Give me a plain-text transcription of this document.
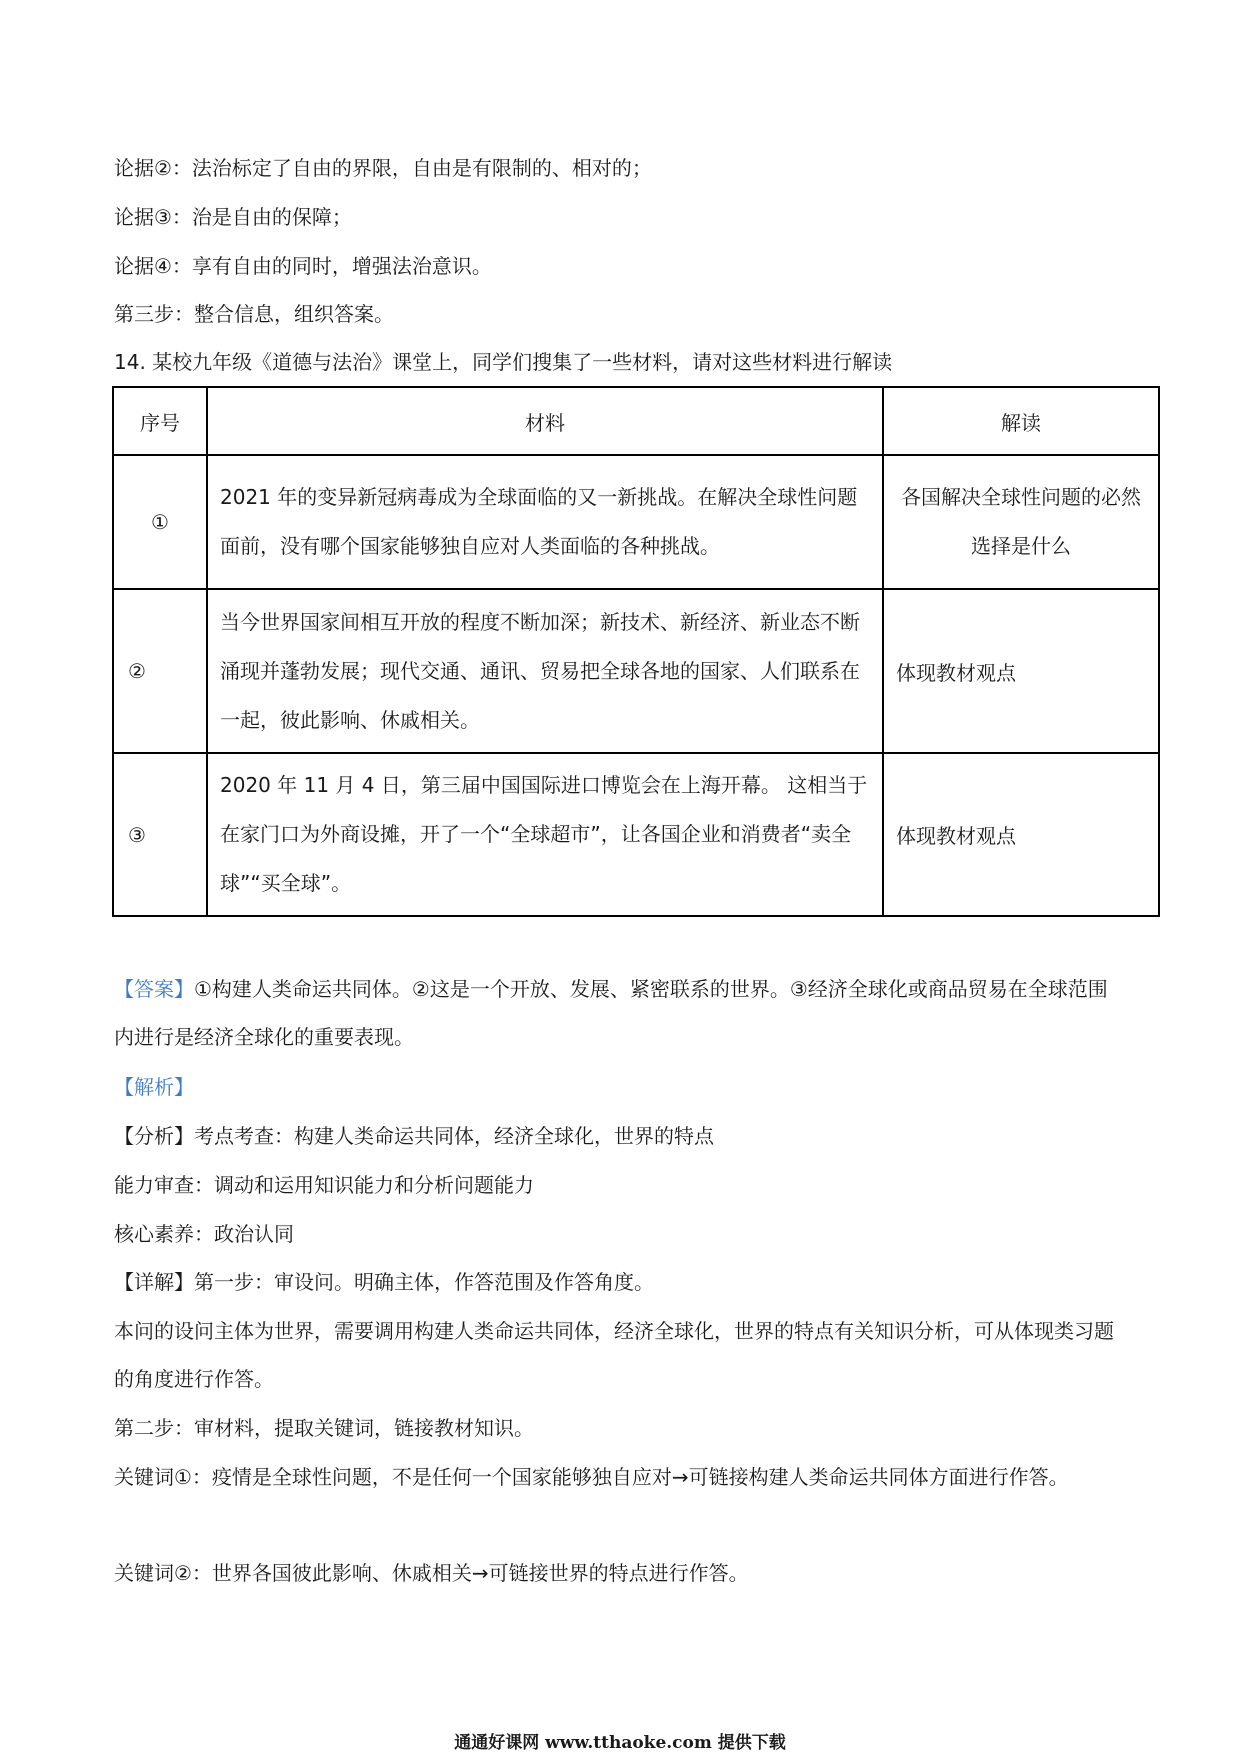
论据②：法治标定了自由的界限，自由是有限制的、相对的；
论据③：治是自由的保障；
论据④：享有自由的同时，增强法治意识。
第三步：整合信息，组织答案。
14. 某校九年级《道德与法治》课堂上，同学们搜集了一些材料，请对这些材料进行解读
序号	材料	解读
①	2021 年的变异新冠病毒成为全球面临的又一新挑战。在解决全球性问题面前，没有哪个国家能够独自应对人类面临的各种挑战。	各国解决全球性问题的必然选择是什么
②	当今世界国家间相互开放的程度不断加深；新技术、新经济、新业态不断涌现并蓬勃发展；现代交通、通讯、贸易把全球各地的国家、人们联系在一起，彼此影响、休戚相关。	体现教材观点
③	2020 年 11 月 4 日，第三届中国国际进口博览会在上海开幕。 这相当于在家门口为外商设摊，开了一个“全球超市”，让各国企业和消费者“卖全球”“买全球”。	体现教材观点
【答案】①构建人类命运共同体。②这是一个开放、发展、紧密联系的世界。③经济全球化或商品贸易在全球范围内进行是经济全球化的重要表现。
【解析】
【分析】考点考查：构建人类命运共同体，经济全球化，世界的特点
能力审查：调动和运用知识能力和分析问题能力
核心素养：政治认同
【详解】第一步：审设问。明确主体，作答范围及作答角度。
本问的设问主体为世界，需要调用构建人类命运共同体，经济全球化，世界的特点有关知识分析，可从体现类习题的角度进行作答。
第二步：审材料，提取关键词，链接教材知识。
关键词①：疫情是全球性问题，不是任何一个国家能够独自应对→可链接构建人类命运共同体方面进行作答。
关键词②：世界各国彼此影响、休戚相关→可链接世界的特点进行作答。
通通好课网 www.tthaoke.com 提供下载
